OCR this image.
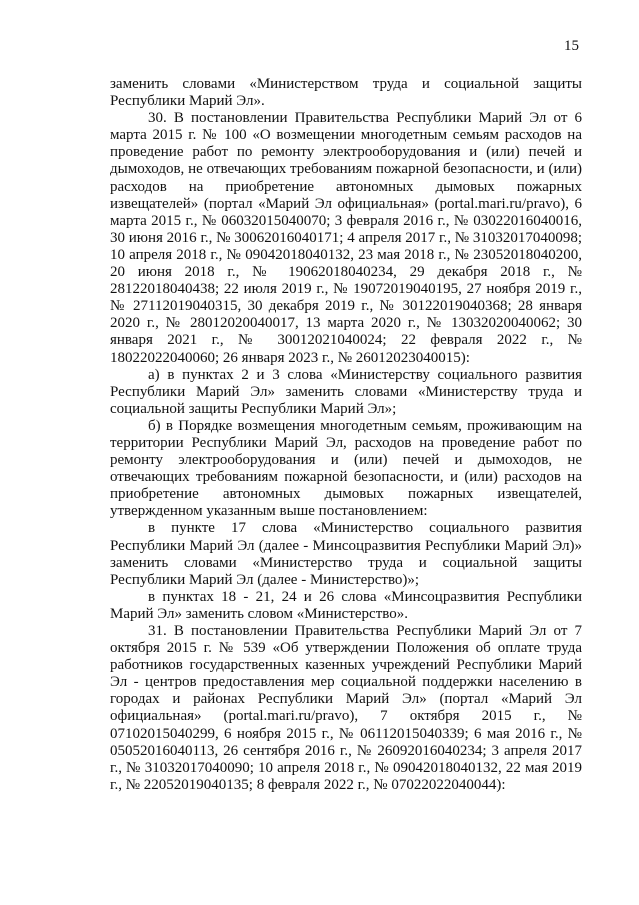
15

заменить словами «Министерством труда и социальной защиты Республики Марий Эл».

30. В постановлении Правительства Республики Марий Эл от 6 марта 2015 г. № 100 «О возмещении многодетным семьям расходов на проведение работ по ремонту электрооборудования и (или) печей и дымоходов, не отвечающих требованиям пожарной безопасности, и (или) расходов на приобретение автономных дымовых пожарных извещателей» (портал «Марий Эл официальная» (portal.mari.ru/pravo), 6 марта 2015 г., № 06032015040070; 3 февраля 2016 г., № 03022016040016, 30 июня 2016 г., № 30062016040171; 4 апреля 2017 г., № 31032017040098; 10 апреля 2018 г., № 09042018040132, 23 мая 2018 г., № 23052018040200, 20 июня 2018 г., № 19062018040234, 29 декабря 2018 г., № 28122018040438; 22 июля 2019 г., № 19072019040195, 27 ноября 2019 г., № 27112019040315, 30 декабря 2019 г., № 30122019040368; 28 января 2020 г., № 28012020040017, 13 марта 2020 г., № 13032020040062; 30 января 2021 г., № 30012021040024; 22 февраля 2022 г., № 18022022040060; 26 января 2023 г., № 26012023040015):

а) в пунктах 2 и 3 слова «Министерству социального развития Республики Марий Эл» заменить словами «Министерству труда и социальной защиты Республики Марий Эл»;

б) в Порядке возмещения многодетным семьям, проживающим на территории Республики Марий Эл, расходов на проведение работ по ремонту электрооборудования и (или) печей и дымоходов, не отвечающих требованиям пожарной безопасности, и (или) расходов на приобретение автономных дымовых пожарных извещателей, утвержденном указанным выше постановлением:

в пункте 17 слова «Министерство социального развития Республики Марий Эл (далее - Минсоцразвития Республики Марий Эл)» заменить словами «Министерство труда и социальной защиты Республики Марий Эл (далее - Министерство)»;

в пунктах 18 - 21, 24 и 26 слова «Минсоцразвития Республики Марий Эл» заменить словом «Министерство».

31. В постановлении Правительства Республики Марий Эл от 7 октября 2015 г. № 539 «Об утверждении Положения об оплате труда работников государственных казенных учреждений Республики Марий Эл - центров предоставления мер социальной поддержки населению в городах и районах Республики Марий Эл» (портал «Марий Эл официальная» (portal.mari.ru/pravo), 7 октября 2015 г., № 07102015040299, 6 ноября 2015 г., № 06112015040339; 6 мая 2016 г., № 05052016040113, 26 сентября 2016 г., № 26092016040234; 3 апреля 2017 г., № 31032017040090; 10 апреля 2018 г., № 09042018040132, 22 мая 2019 г., № 22052019040135; 8 февраля 2022 г., № 07022022040044):
